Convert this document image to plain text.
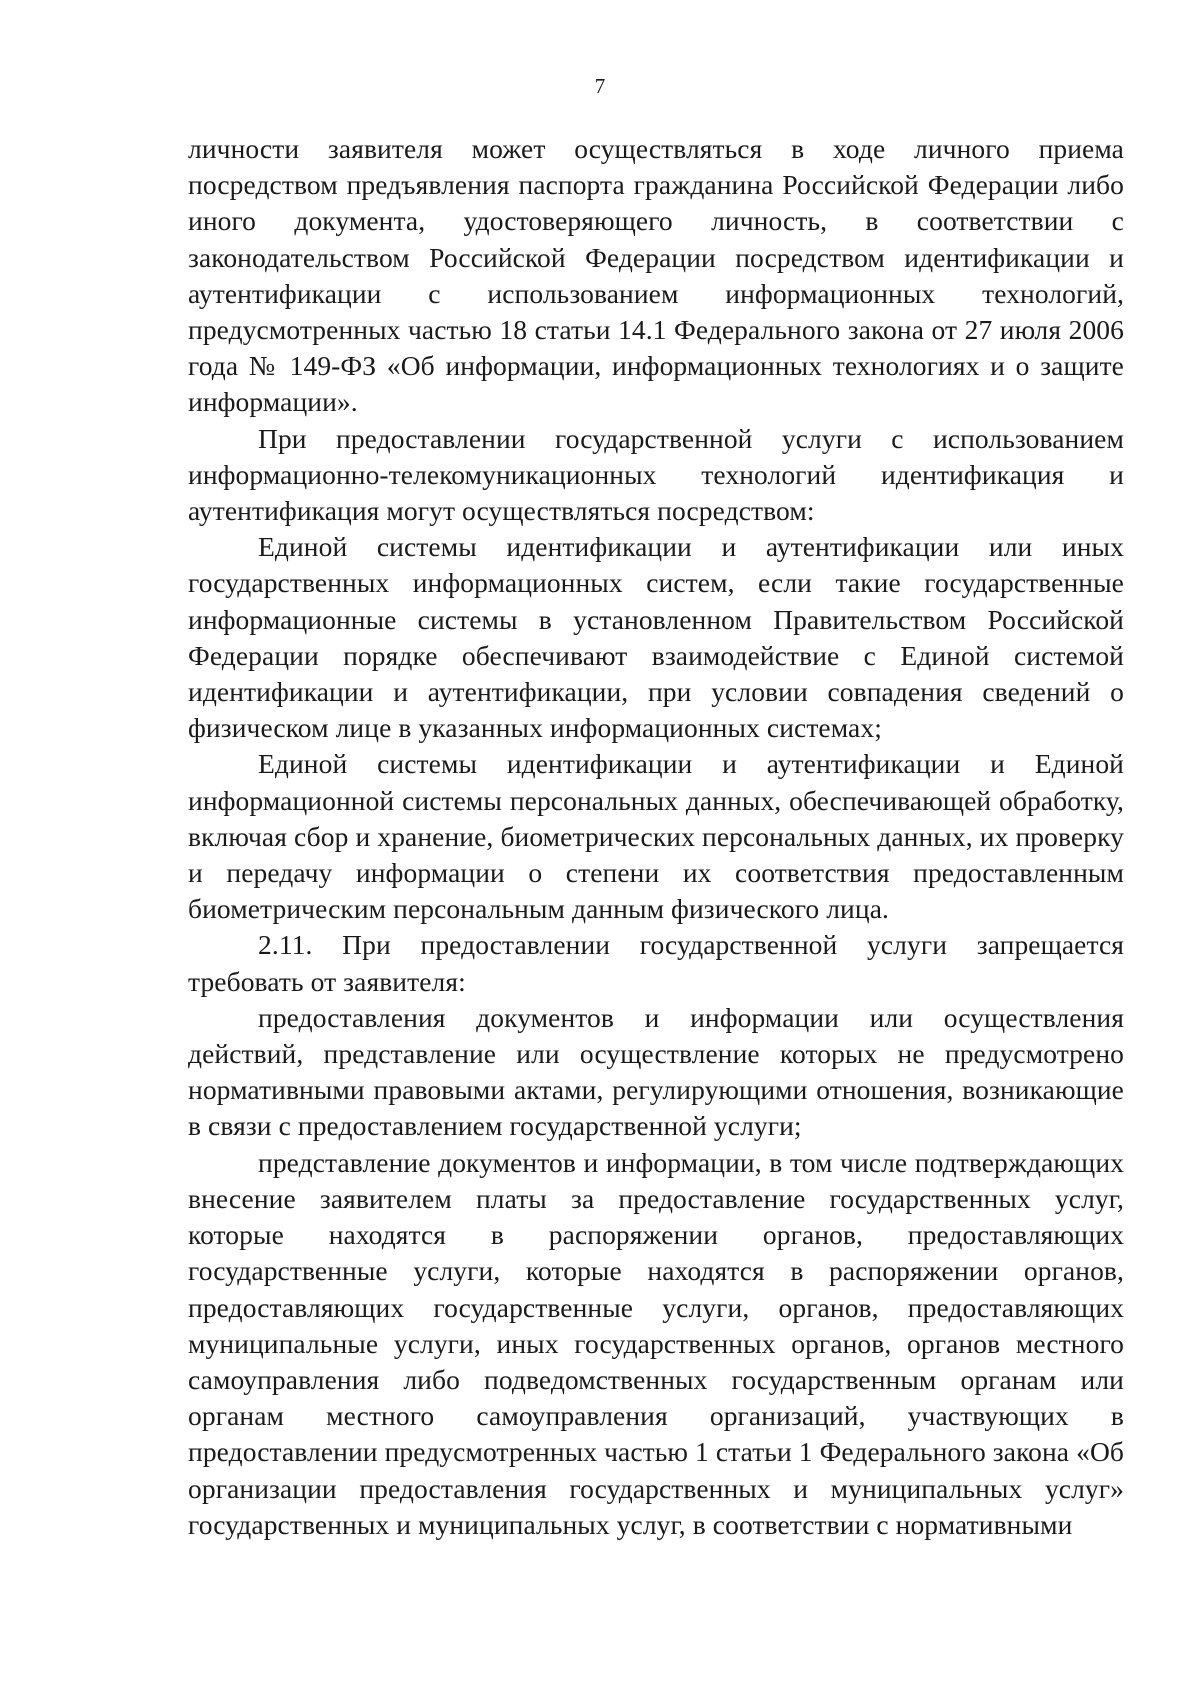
7

личности заявителя может осуществляться в ходе личного приема посредством предъявления паспорта гражданина Российской Федерации либо иного документа, удостоверяющего личность, в соответствии с законодательством Российской Федерации посредством идентификации и аутентификации с использованием информационных технологий, предусмотренных частью 18 статьи 14.1 Федерального закона от 27 июля 2006 года № 149-ФЗ «Об информации, информационных технологиях и о защите информации».

При предоставлении государственной услуги с использованием информационно-телекомуникационных технологий идентификация и аутентификация могут осуществляться посредством:

Единой системы идентификации и аутентификации или иных государственных информационных систем, если такие государственные информационные системы в установленном Правительством Российской Федерации порядке обеспечивают взаимодействие с Единой системой идентификации и аутентификации, при условии совпадения сведений о физическом лице в указанных информационных системах;

Единой системы идентификации и аутентификации и Единой информационной системы персональных данных, обеспечивающей обработку, включая сбор и хранение, биометрических персональных данных, их проверку и передачу информации о степени их соответствия предоставленным биометрическим персональным данным физического лица.

2.11. При предоставлении государственной услуги запрещается требовать от заявителя:

предоставления документов и информации или осуществления действий, представление или осуществление которых не предусмотрено нормативными правовыми актами, регулирующими отношения, возникающие в связи с предоставлением государственной услуги;

представление документов и информации, в том числе подтверждающих внесение заявителем платы за предоставление государственных услуг, которые находятся в распоряжении органов, предоставляющих государственные услуги, которые находятся в распоряжении органов, предоставляющих государственные услуги, органов, предоставляющих муниципальные услуги, иных государственных органов, органов местного самоуправления либо подведомственных государственным органам или органам местного самоуправления организаций, участвующих в предоставлении предусмотренных частью 1 статьи 1 Федерального закона «Об организации предоставления государственных и муниципальных услуг» государственных и муниципальных услуг, в соответствии с нормативными
